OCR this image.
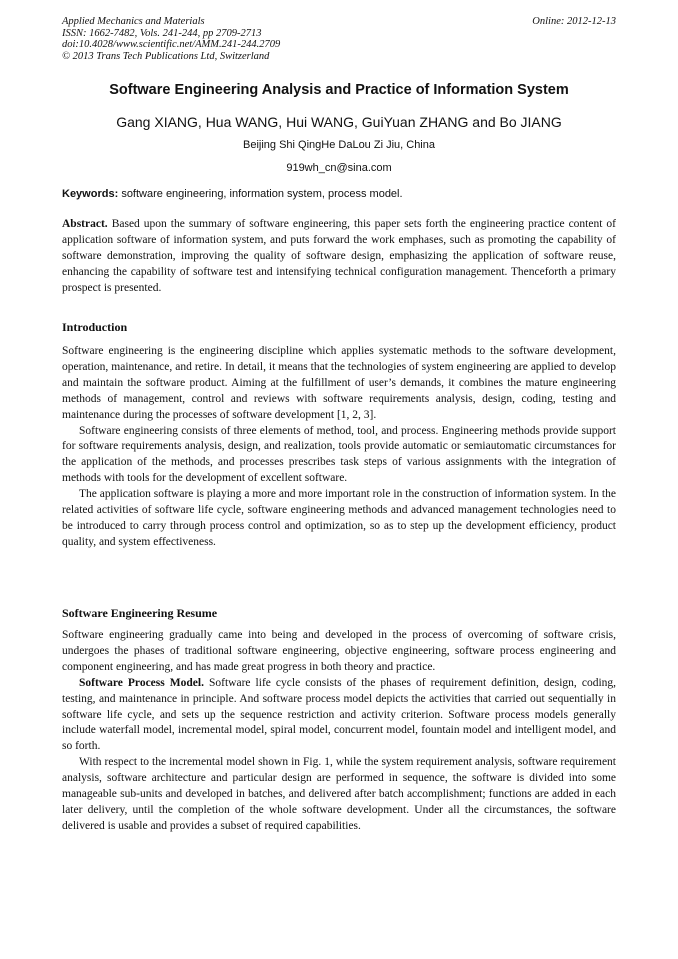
Applied Mechanics and Materials
ISSN: 1662-7482, Vols. 241-244, pp 2709-2713
doi:10.4028/www.scientific.net/AMM.241-244.2709
© 2013 Trans Tech Publications Ltd, Switzerland
Online: 2012-12-13
Software Engineering Analysis and Practice of Information System
Gang XIANG, Hua WANG, Hui WANG, GuiYuan ZHANG and Bo JIANG
Beijing Shi QingHe DaLou Zi Jiu, China
919wh_cn@sina.com
Keywords: software engineering, information system, process model.

Abstract. Based upon the summary of software engineering, this paper sets forth the engineering practice content of application software of information system, and puts forward the work emphases, such as promoting the capability of software demonstration, improving the quality of software design, emphasizing the application of software reuse, enhancing the capability of software test and intensifying technical configuration management. Thenceforth a primary prospect is presented.

Introduction

Software engineering is the engineering discipline which applies systematic methods to the software development, operation, maintenance, and retire. In detail, it means that the technologies of system engineering are applied to develop and maintain the software product. Aiming at the fulfillment of user’s demands, it combines the mature engineering methods of management, control and reviews with software requirements analysis, design, coding, testing and maintenance during the processes of software development [1, 2, 3].

Software engineering consists of three elements of method, tool, and process. Engineering methods provide support for software requirements analysis, design, and realization, tools provide automatic or semiautomatic circumstances for the application of the methods, and processes prescribes task steps of various assignments with the integration of methods with tools for the development of excellent software.

The application software is playing a more and more important role in the construction of information system. In the related activities of software life cycle, software engineering methods and advanced management technologies need to be introduced to carry through process control and optimization, so as to step up the development efficiency, product quality, and system effectiveness.

Software Engineering Resume

Software engineering gradually came into being and developed in the process of overcoming of software crisis, undergoes the phases of traditional software engineering, objective engineering, software process engineering and component engineering, and has made great progress in both theory and practice.

Software Process Model. Software life cycle consists of the phases of requirement definition, design, coding, testing, and maintenance in principle. And software process model depicts the activities that carried out sequentially in software life cycle, and sets up the sequence restriction and activity criterion. Software process models generally include waterfall model, incremental model, spiral model, concurrent model, fountain model and intelligent model, and so forth.

With respect to the incremental model shown in Fig. 1, while the system requirement analysis, software requirement analysis, software architecture and particular design are performed in sequence, the software is divided into some manageable sub-units and developed in batches, and delivered after batch accomplishment; functions are added in each later delivery, until the completion of the whole software development. Under all the circumstances, the software delivered is usable and provides a subset of required capabilities.
